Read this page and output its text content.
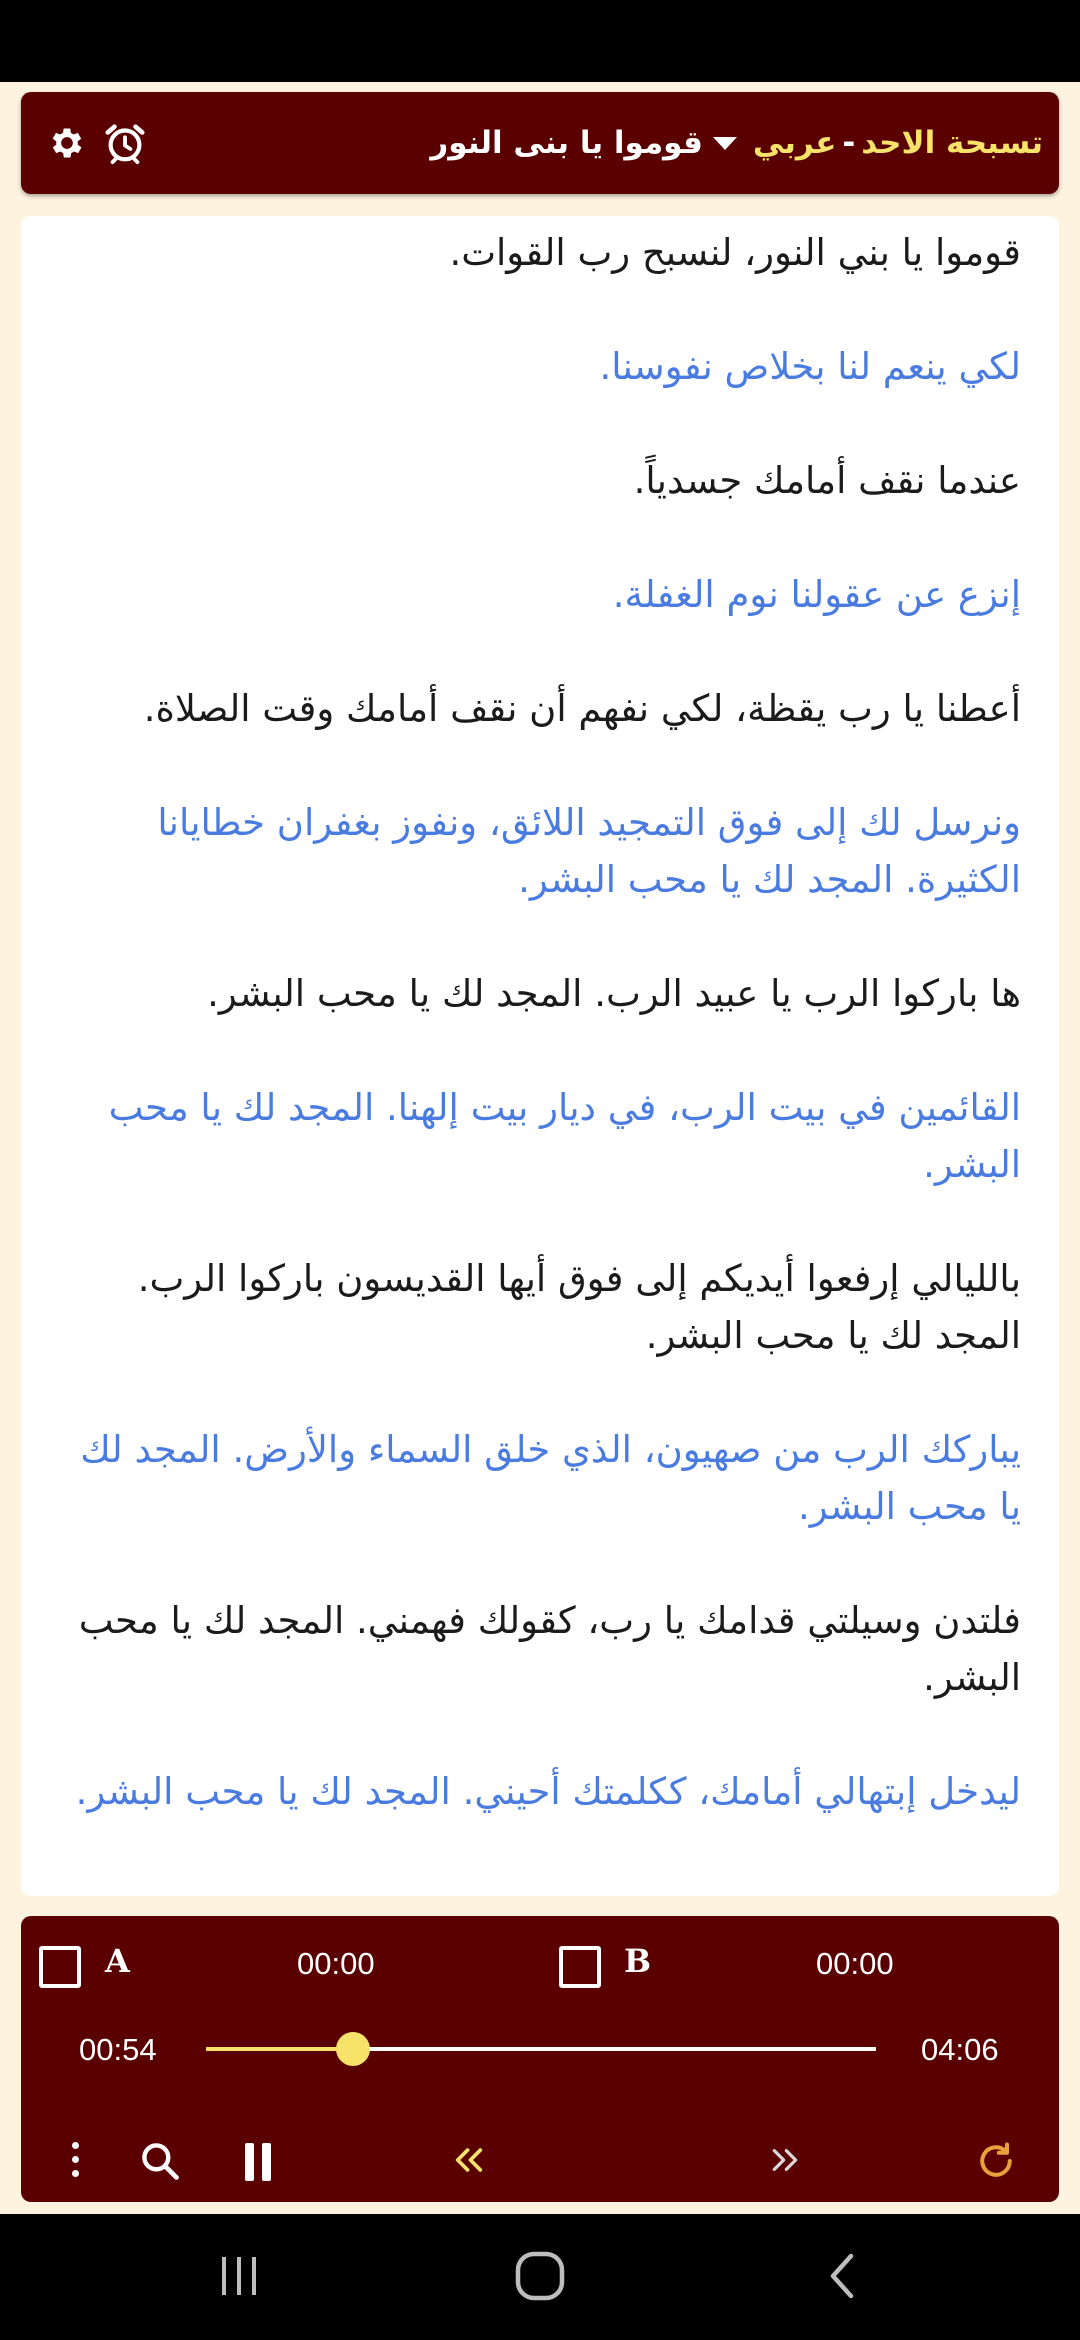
تسبحة الاحد
-
عربي
قوموا يا بنى النور
قوموا يا بني النور، لنسبح رب القوات.
لكي ينعم لنا بخلاص نفوسنا.
عندما نقف أمامك جسدياً.
إنزع عن عقولنا نوم الغفلة.
أعطنا يا رب يقظة، لكي نفهم أن نقف أمامك وقت الصلاة.
ونرسل لك إلى فوق التمجيد اللائق، ونفوز بغفران خطايانا الكثيرة. المجد لك يا محب البشر.
ها باركوا الرب يا عبيد الرب. المجد لك يا محب البشر.
القائمين في بيت الرب، في ديار بيت إلهنا. المجد لك يا محب البشر.
بالليالي إرفعوا أيديكم إلى فوق أيها القديسون باركوا الرب. المجد لك يا محب البشر.
يباركك الرب من صهيون، الذي خلق السماء والأرض. المجد لك يا محب البشر.
فلتدن وسيلتي قدامك يا رب، كقولك فهمني. المجد لك يا محب البشر.
ليدخل إبتهالي أمامك، ككلمتك أحيني. المجد لك يا محب البشر.
A	00:00	B	00:00
00:54	04:06
